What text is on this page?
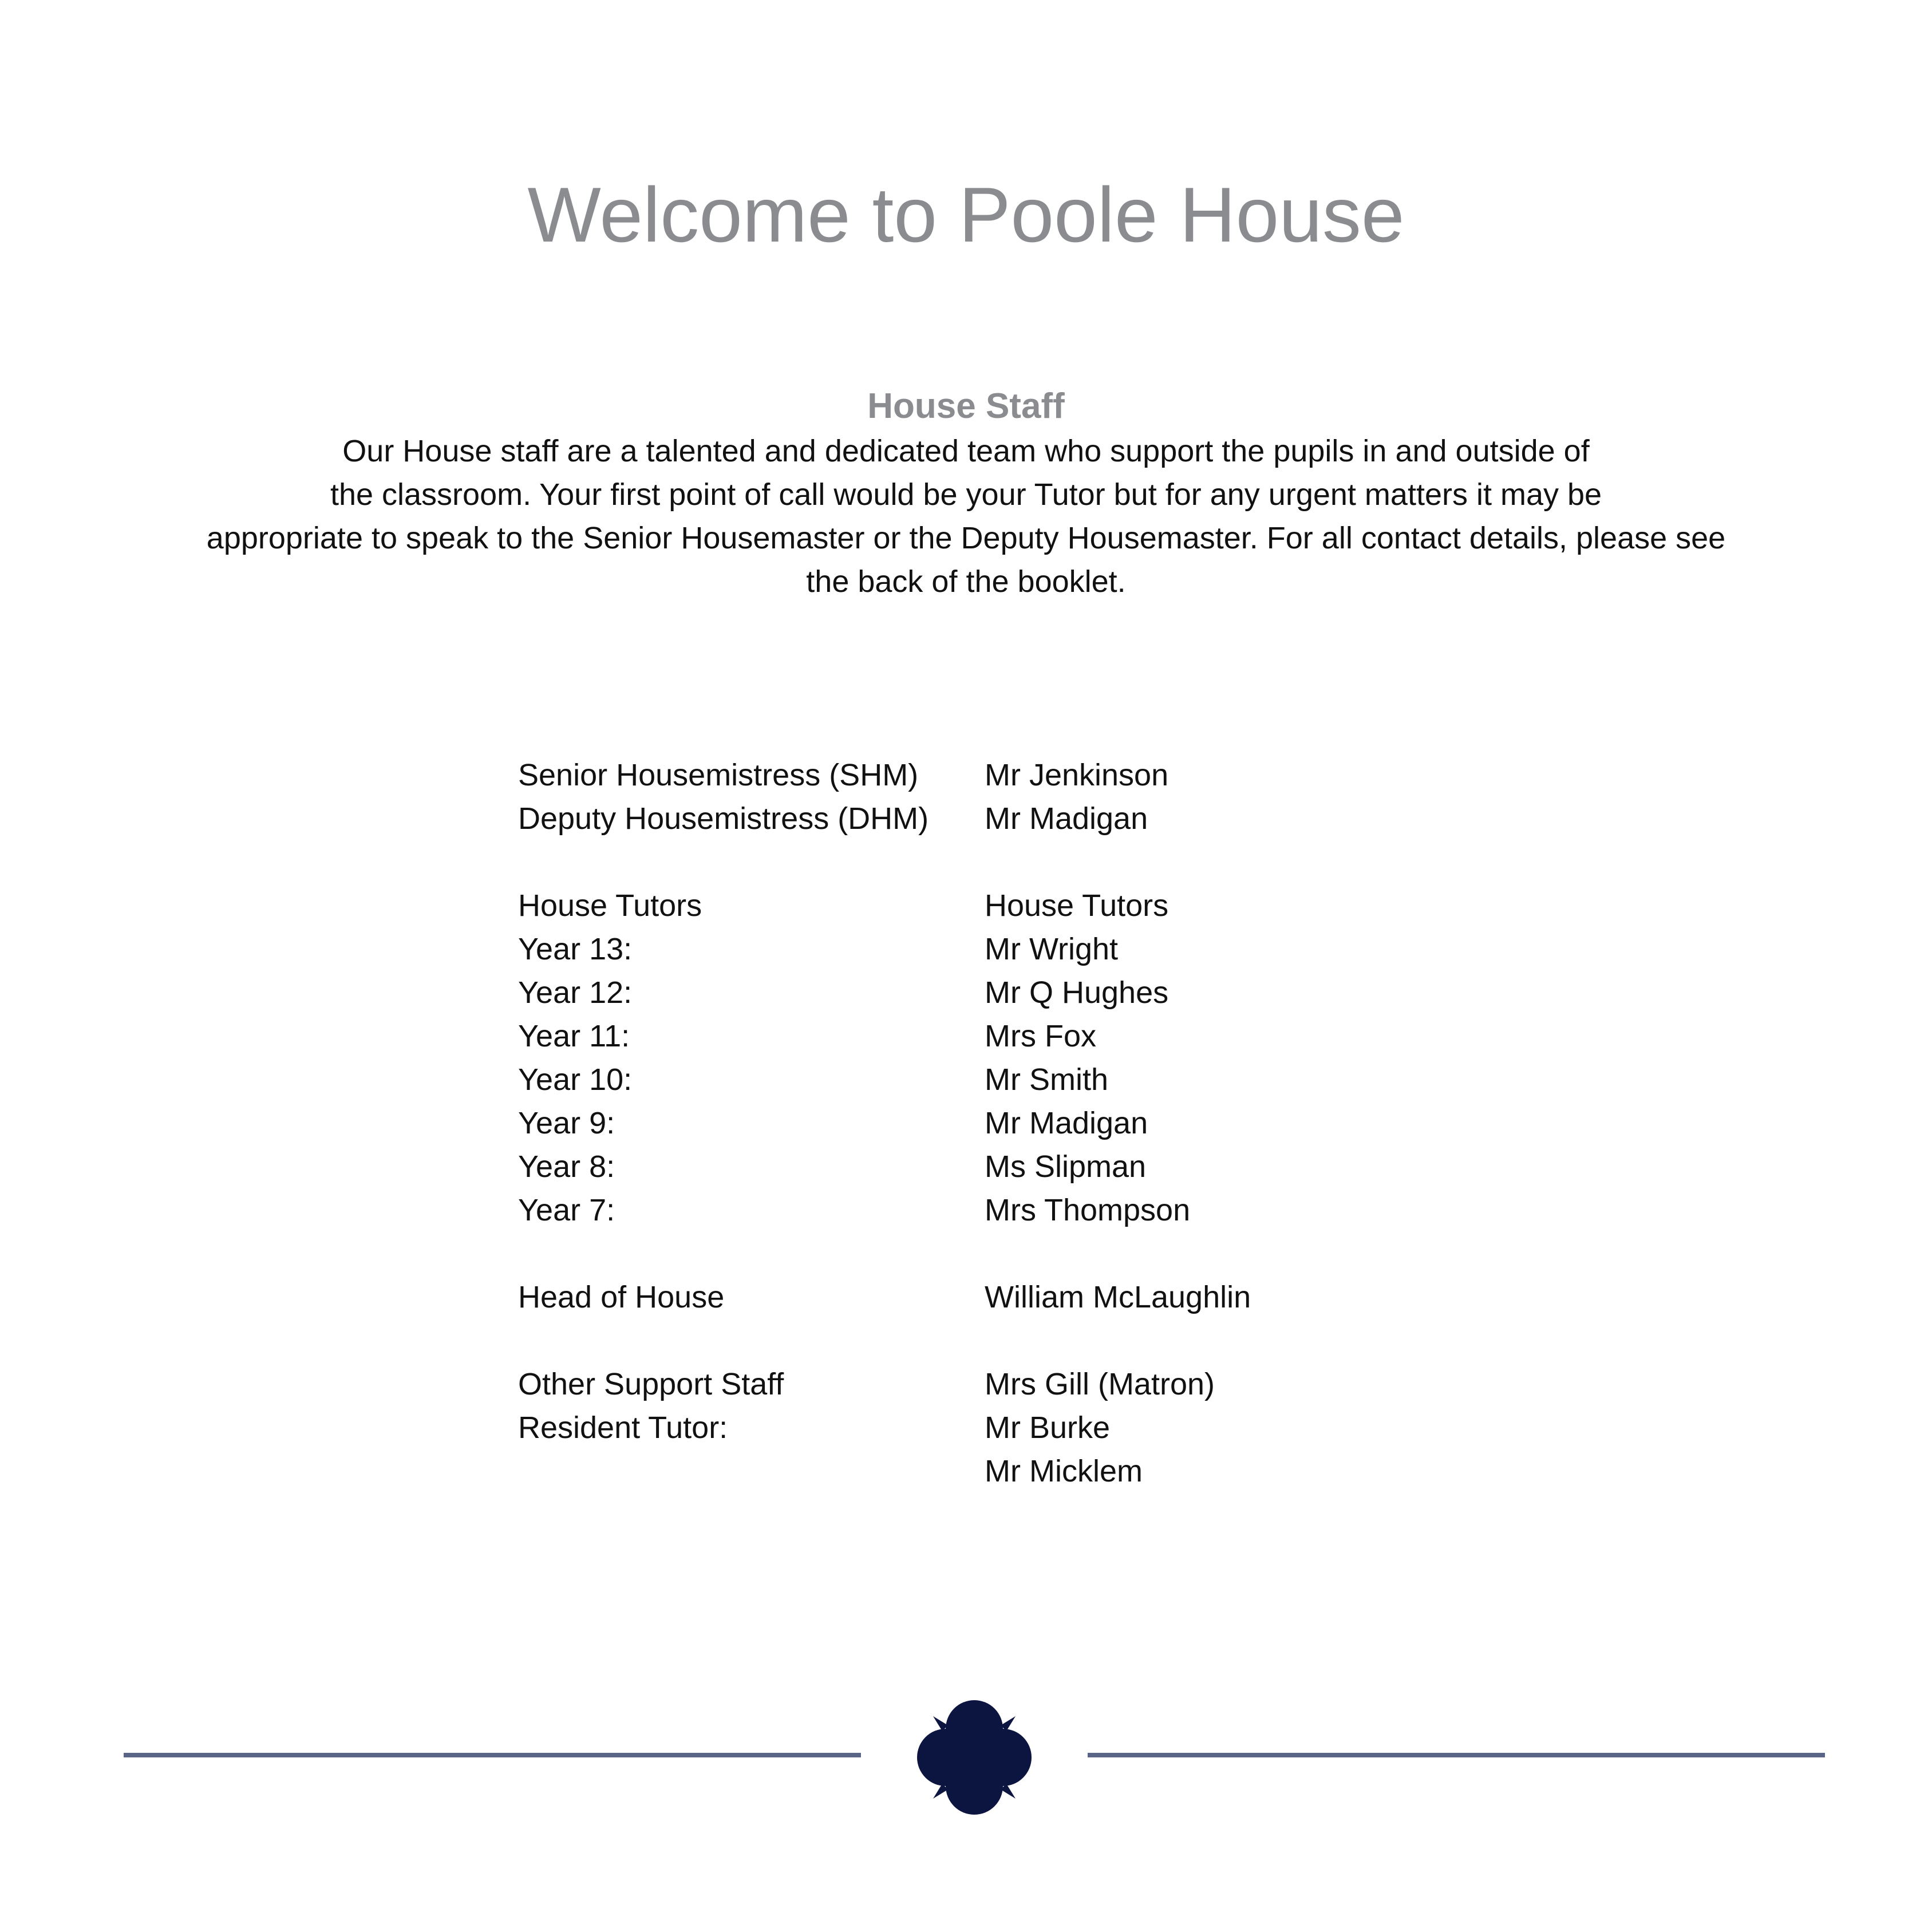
Welcome to Poole House
House Staff

Our House staff are a talented and dedicated team who support the pupils in and outside of
the classroom. Your first point of call would be your Tutor but for any urgent matters it may be
appropriate to speak to the Senior Housemaster or the Deputy Housemaster. For all contact details, please see
the back of the booklet.

Senior Housemistress (SHM)	Mr Jenkinson
Deputy Housemistress (DHM)	Mr Madigan

House Tutors	House Tutors
Year 13:	Mr Wright
Year 12:	Mr Q Hughes
Year 11:	Mrs Fox
Year 10:	Mr Smith
Year 9:	Mr Madigan
Year 8:	Ms Slipman
Year 7:	Mrs Thompson

Head of House	William McLaughlin

Other Support Staff	Mrs Gill (Matron)
Resident Tutor:	Mr Burke
	Mr Micklem
